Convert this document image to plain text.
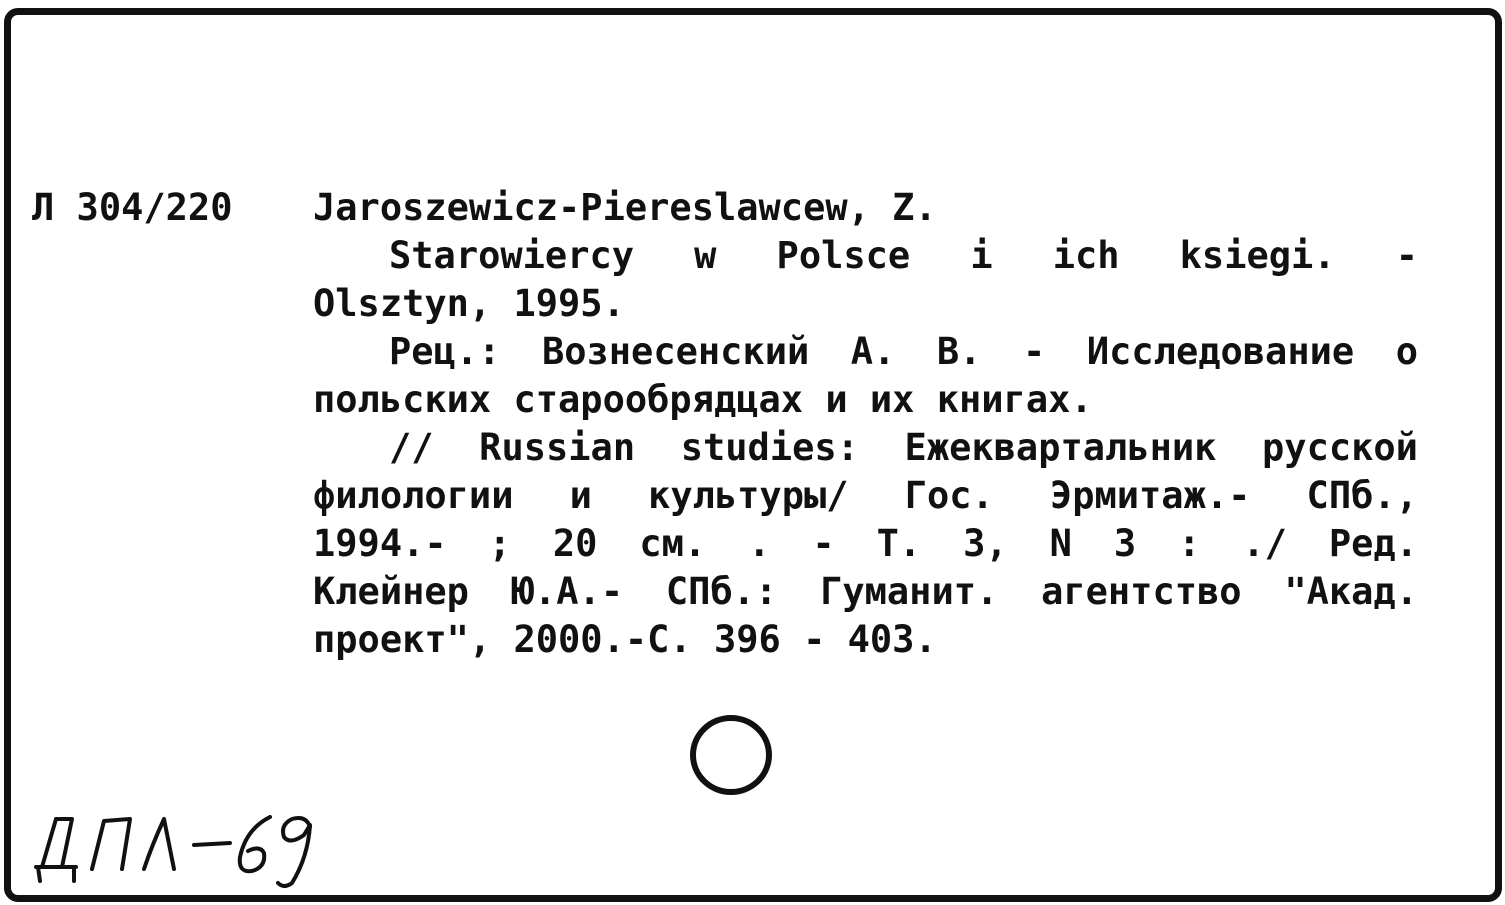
Л 304/220 Jaroszewicz-Piereslawcew, Z.
Starowiercy w Polsce i ich ksiegi. -
Olsztyn, 1995.
Рец.: Вознесенский А. В. - Исследование о
польских старообрядцах и их книгах.
// Russian studies: Ежеквартальник русской
филологии и культуры/ Гос. Эрмитаж.- СПб.,
1994.- ; 20 см. . - Т. 3, N 3 : ./ Ред.
Клейнер Ю.А.- СПб.: Гуманит. агентство "Акад.
проект", 2000.-С. 396 - 403.
